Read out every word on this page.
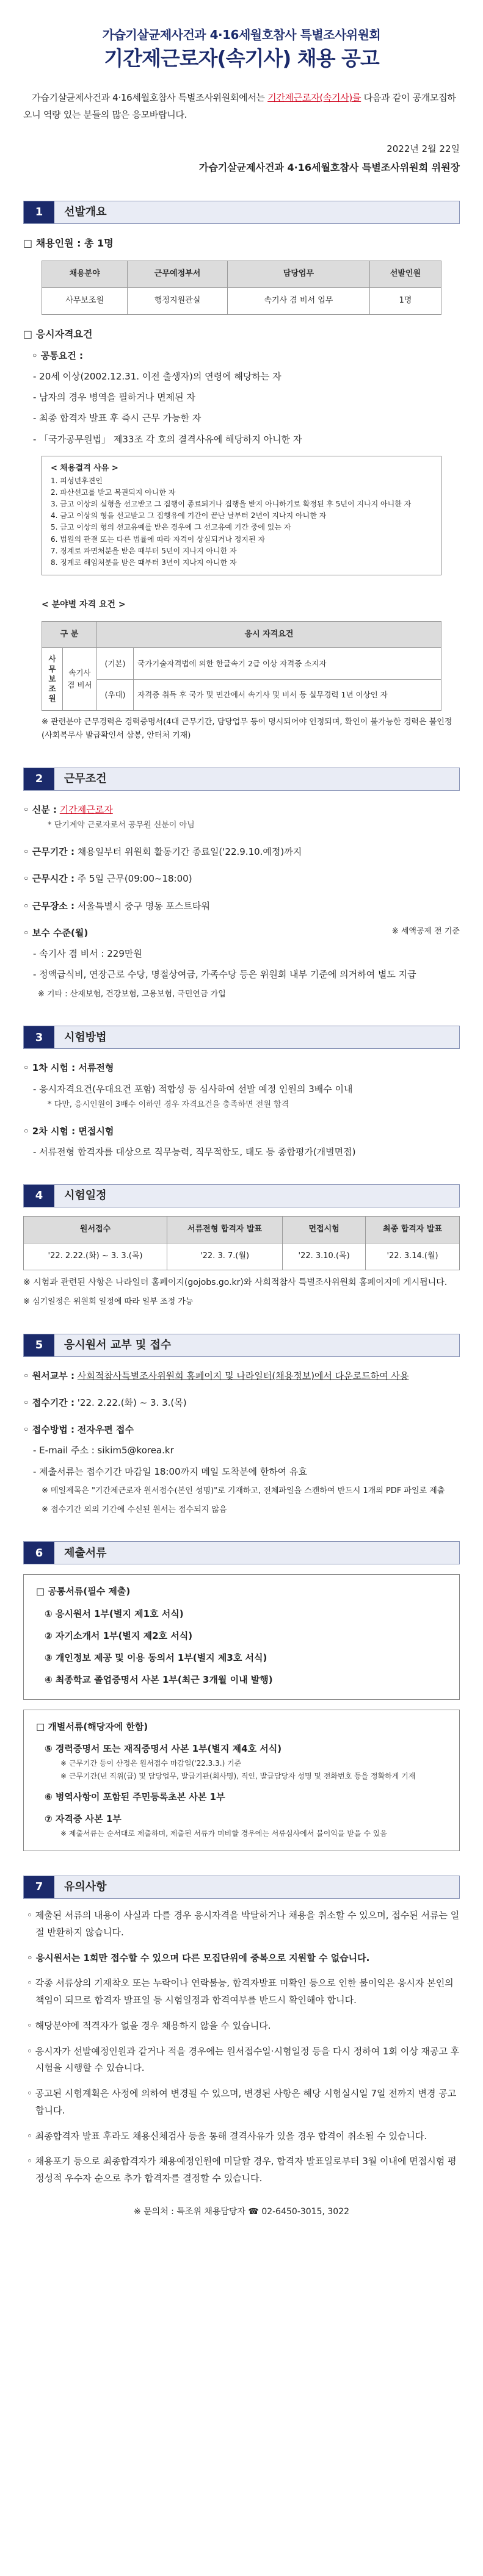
가습기살균제사건과 4·16세월호참사 특별조사위원회
기간제근로자(속기사) 채용 공고

가습기살균제사건과 4·16세월호참사 특별조사위원회에서는 기간제근로자(속기사)를 다음과 같이 공개모집하오니 역량 있는 분들의 많은 응모바랍니다.

2022년 2월 22일
가습기살균제사건과 4·16세월호참사 특별조사위원회 위원장
1	선발개요
□ 채용인원 : 총 1명
채용분야	근무예정부서	담당업무	선발인원
사무보조원	행정지원관실	속기사 겸 비서 업무	1명
□ 응시자격요건
◦ 공통요건 :
- 20세 이상(2002.12.31. 이전 출생자)의 연령에 해당하는 자
- 남자의 경우 병역을 필하거나 면제된 자
- 최종 합격자 발표 후 즉시 근무 가능한 자
- 「국가공무원법」 제33조 각 호의 결격사유에 해당하지 아니한 자
< 채용결격 사유 >
1. 피성년후견인
2. 파산선고를 받고 복권되지 아니한 자
3. 금고 이상의 실형을 선고받고 그 집행이 종료되거나 집행을 받지 아니하기로 확정된 후 5년이 지나지 아니한 자
4. 금고 이상의 형을 선고받고 그 집행유예 기간이 끝난 날부터 2년이 지나지 아니한 자
5. 금고 이상의 형의 선고유예를 받은 경우에 그 선고유예 기간 중에 있는 자
6. 법원의 판결 또는 다른 법률에 따라 자격이 상실되거나 정지된 자
7. 징계로 파면처분을 받은 때부터 5년이 지나지 아니한 자
8. 징계로 해임처분을 받은 때부터 3년이 지나지 아니한 자
< 분야별 자격 요건 >
구 분		응시 자격요건	
사무보조원	속기사 겸 비서	(기본)	국가기술자격법에 의한 한글속기 2급 이상 자격증 소지자
		(우대)	자격증 취득 후 국가 및 민간에서 속기사 및 비서 등 실무경력 1년 이상인 자
※ 관련분야 근무경력은 경력증명서(4대 근무기간, 담당업무 등이 명시되어야 인정되며, 확인이 불가능한 경력은 불인정(사회복무사 발급확인서 삼봉, 안터처 기재)
2	근무조건
◦ 신분 : 기간제근로자
* 단기계약 근로자로서 공무원 신분이 아님
◦ 근무기간 : 채용일부터 위원회 활동기간 종료일('22.9.10.예정)까지
◦ 근무시간 : 주 5일 근무(09:00~18:00)
◦ 근무장소 : 서울특별시 중구 명동 포스트타워
◦ 보수 수준(월)	※ 세액공제 전 기준
- 속기사 겸 비서 : 229만원
- 정액급식비, 연장근로 수당, 명절상여금, 가족수당 등은 위원회 내부 기준에 의거하여 별도 지급
※ 기타 : 산재보험, 건강보험, 고용보험, 국민연금 가입
3	시험방법
◦ 1차 시험 : 서류전형
- 응시자격요건(우대요건 포함) 적합성 등 심사하여 선발 예정 인원의 3배수 이내
* 다만, 응시인원이 3배수 이하인 경우 자격요건을 충족하면 전원 합격
◦ 2차 시험 : 면접시험
- 서류전형 합격자를 대상으로 직무능력, 직무적합도, 태도 등 종합평가(개별면접)
4	시험일정
원서접수	서류전형 합격자 발표	면접시험	최종 합격자 발표
'22. 2.22.(화) ~ 3. 3.(목)	'22. 3. 7.(월)	'22. 3.10.(목)	'22. 3.14.(월)
※ 시험과 관련된 사항은 나라일터 홈페이지(gojobs.go.kr)와 사회적참사 특별조사위원회 홈페이지에 게시됩니다.
※ 심기일정은 위원회 일정에 따라 일부 조정 가능
5	응시원서 교부 및 접수
◦ 원서교부 : 사회적참사특별조사위원회 홈페이지 및 나라일터(채용정보)에서 다운로드하여 사용
◦ 접수기간 : '22. 2.22.(화) ~ 3. 3.(목)
◦ 접수방법 : 전자우편 접수
- E-mail 주소 : sikim5@korea.kr
- 제출서류는 접수기간 마감일 18:00까지 메일 도착분에 한하여 유효
※ 메일제목은 "기간제근로자 원서접수(본인 성명)"로 기재하고, 전체파일을 스캔하여 반드시 1개의 PDF 파일로 제출
※ 접수기간 외의 기간에 수신된 원서는 접수되지 않음
6	제출서류
□ 공통서류(필수 제출)
① 응시원서 1부(별지 제1호 서식)
② 자기소개서 1부(별지 제2호 서식)
③ 개인정보 제공 및 이용 동의서 1부(별지 제3호 서식)
④ 최종학교 졸업증명서 사본 1부(최근 3개월 이내 발행)
□ 개별서류(해당자에 한함)
⑤ 경력증명서 또는 재직증명서 사본 1부(별지 제4호 서식)
※ 근무기간 등이 산정은 원서접수 마감일('22.3.3.) 기준
※ 근무기간(년 직위(급) 및 담당업무, 발급기관(회사명), 직인, 발급담당자 성명 및 전화번호 등을 정확하게 기재
⑥ 병역사항이 포함된 주민등록초본 사본 1부
⑦ 자격증 사본 1부
※ 제출서류는 순서대로 제출하며, 제출된 서류가 미비할 경우에는 서류심사에서 불이익을 받을 수 있음
7	유의사항
◦ 제출된 서류의 내용이 사실과 다를 경우 응시자격을 박탈하거나 채용을 취소할 수 있으며, 접수된 서류는 일절 반환하지 않습니다.
◦ 응시원서는 1회만 접수할 수 있으며 다른 모집단위에 중복으로 지원할 수 없습니다.
◦ 각종 서류상의 기재착오 또는 누락이나 연락불능, 합격자발표 미확인 등으로 인한 불이익은 응시자 본인의 책임이 되므로 합격자 발표일 등 시험일정과 합격여부를 반드시 확인해야 합니다.
◦ 해당분야에 적격자가 없을 경우 채용하지 않을 수 있습니다.
◦ 응시자가 선발예정인원과 같거나 적을 경우에는 원서접수일·시험일정 등을 다시 정하여 1회 이상 재공고 후 시험을 시행할 수 있습니다.
◦ 공고된 시험계획은 사정에 의하여 변경될 수 있으며, 변경된 사항은 해당 시험실시일 7일 전까지 변경 공고합니다.
◦ 최종합격자 발표 후라도 채용신체검사 등을 통해 결격사유가 있을 경우 합격이 취소될 수 있습니다.
◦ 채용포기 등으로 최종합격자가 채용예정인원에 미달할 경우, 합격자 발표일로부터 3월 이내에 면접시험 평정성적 우수자 순으로 추가 합격자를 결정할 수 있습니다.
※ 문의처 : 특조위 채용담당자 ☎ 02-6450-3015, 3022
